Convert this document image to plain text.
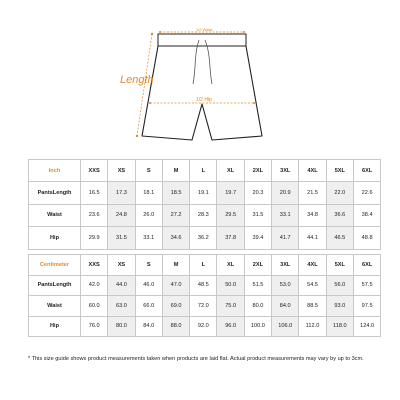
Length
1/2 Waist
1/2 Hip
Inch	XXS	XS	S	M	L	XL	2XL	3XL	4XL	5XL	6XL
PantsLength	16.5	17.3	18.1	18.5	19.1	19.7	20.3	20.9	21.5	22.0	22.6
Waist	23.6	24.8	26.0	27.2	28.3	29.5	31.5	33.1	34.8	36.6	38.4
Hip	29.9	31.5	33.1	34.6	36.2	37.8	39.4	41.7	44.1	46.5	48.8
Centimeter	XXS	XS	S	M	L	XL	2XL	3XL	4XL	5XL	6XL
PantsLength	42.0	44.0	46.0	47.0	48.5	50.0	51.5	53.0	54.5	56.0	57.5
Waist	60.0	63.0	66.0	69.0	72.0	75.0	80.0	84.0	88.5	93.0	97.5
Hip	76.0	80.0	84.0	88.0	92.0	96.0	100.0	106.0	112.0	118.0	124.0
* This size guide shows product measurements taken when products are laid flat. Actual product measurements may vary by up to 3cm.
